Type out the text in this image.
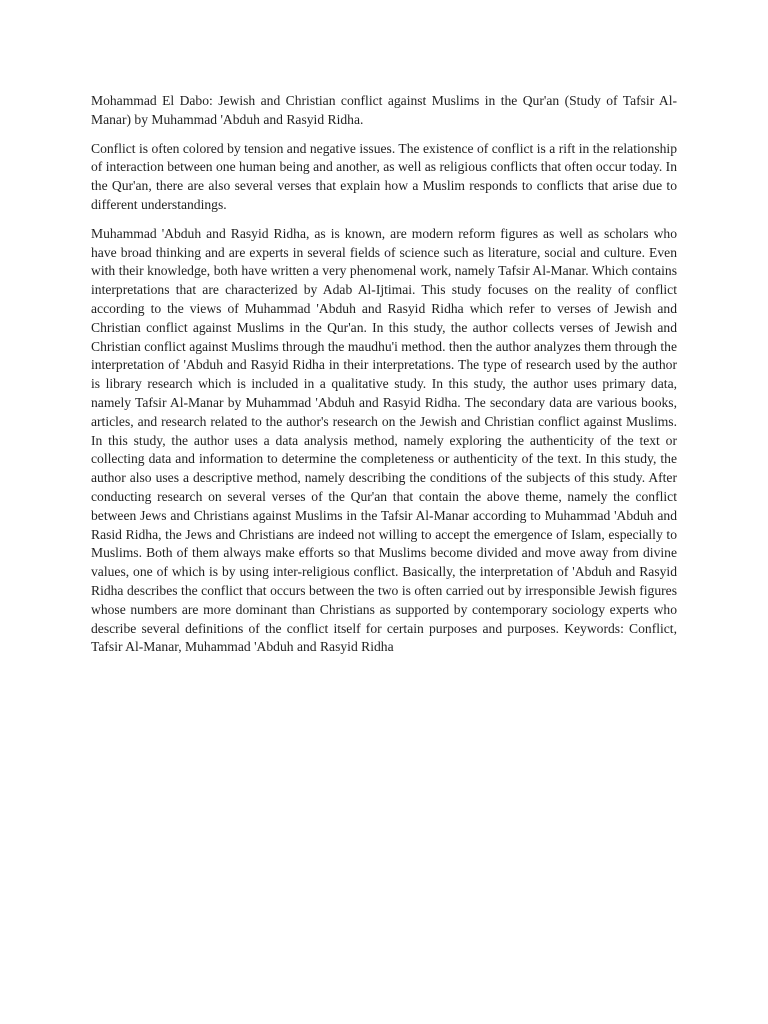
Mohammad El Dabo: Jewish and Christian conflict against Muslims in the Qur'an (Study of Tafsir Al-Manar) by Muhammad 'Abduh and Rasyid Ridha.

Conflict is often colored by tension and negative issues. The existence of conflict is a rift in the relationship of interaction between one human being and another, as well as religious conflicts that often occur today. In the Qur'an, there are also several verses that explain how a Muslim responds to conflicts that arise due to different understandings.

Muhammad 'Abduh and Rasyid Ridha, as is known, are modern reform figures as well as scholars who have broad thinking and are experts in several fields of science such as literature, social and culture. Even with their knowledge, both have written a very phenomenal work, namely Tafsir Al-Manar. Which contains interpretations that are characterized by Adab Al-Ijtimai. This study focuses on the reality of conflict according to the views of Muhammad 'Abduh and Rasyid Ridha which refer to verses of Jewish and Christian conflict against Muslims in the Qur'an. In this study, the author collects verses of Jewish and Christian conflict against Muslims through the maudhu'i method. then the author analyzes them through the interpretation of 'Abduh and Rasyid Ridha in their interpretations. The type of research used by the author is library research which is included in a qualitative study. In this study, the author uses primary data, namely Tafsir Al-Manar by Muhammad 'Abduh and Rasyid Ridha. The secondary data are various books, articles, and research related to the author's research on the Jewish and Christian conflict against Muslims. In this study, the author uses a data analysis method, namely exploring the authenticity of the text or collecting data and information to determine the completeness or authenticity of the text. In this study, the author also uses a descriptive method, namely describing the conditions of the subjects of this study. After conducting research on several verses of the Qur'an that contain the above theme, namely the conflict between Jews and Christians against Muslims in the Tafsir Al-Manar according to Muhammad 'Abduh and Rasid Ridha, the Jews and Christians are indeed not willing to accept the emergence of Islam, especially to Muslims. Both of them always make efforts so that Muslims become divided and move away from divine values, one of which is by using inter-religious conflict. Basically, the interpretation of 'Abduh and Rasyid Ridha describes the conflict that occurs between the two is often carried out by irresponsible Jewish figures whose numbers are more dominant than Christians as supported by contemporary sociology experts who describe several definitions of the conflict itself for certain purposes and purposes. Keywords: Conflict, Tafsir Al-Manar, Muhammad 'Abduh and Rasyid Ridha
